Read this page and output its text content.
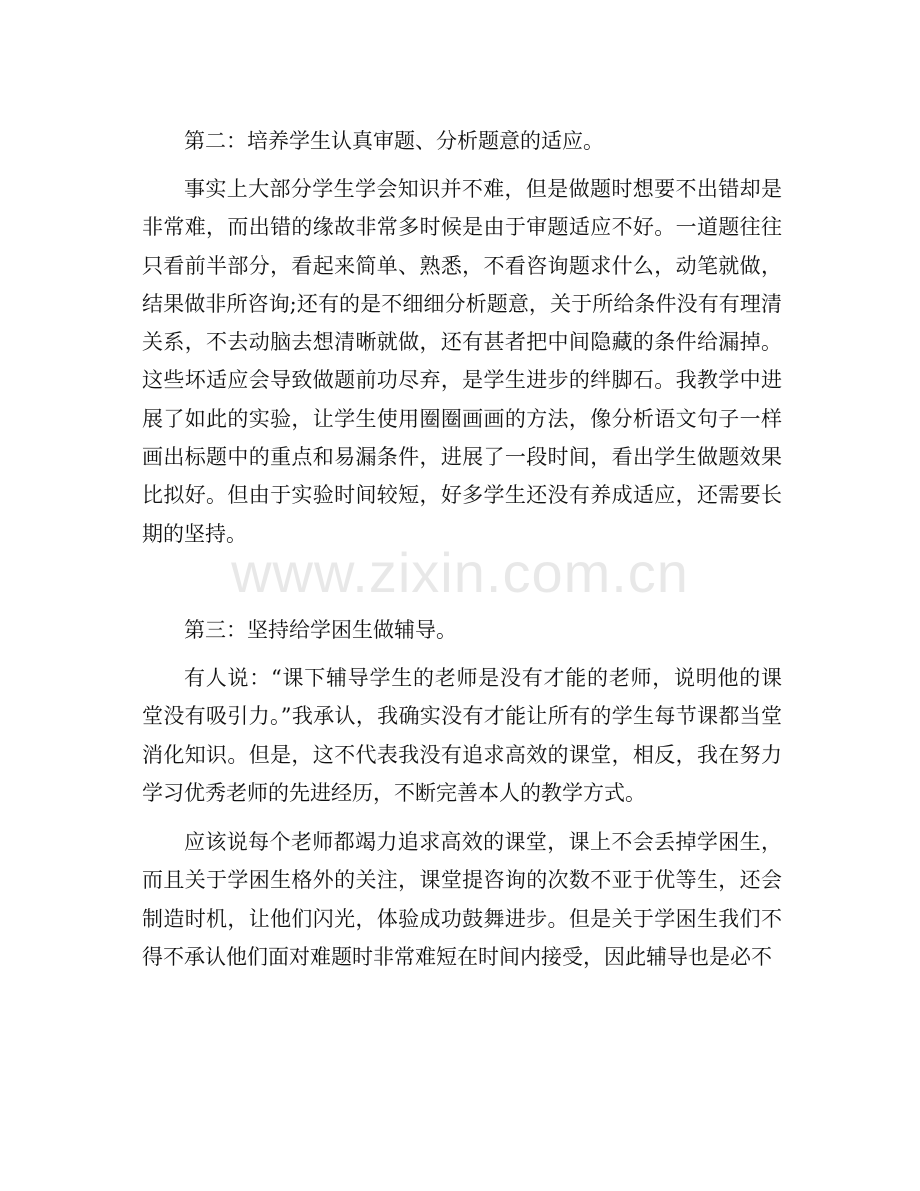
www.zixin.com.cn

第二：培养学生认真审题、分析题意的适应。

事实上大部分学生学会知识并不难，但是做题时想要不出错却是非常难，而出错的缘故非常多时候是由于审题适应不好。一道题往往只看前半部分，看起来简单、熟悉，不看咨询题求什么，动笔就做，结果做非所咨询;还有的是不细细分析题意，关于所给条件没有有理清关系，不去动脑去想清晰就做，还有甚者把中间隐藏的条件给漏掉。这些坏适应会导致做题前功尽弃，是学生进步的绊脚石。我教学中进展了如此的实验，让学生使用圈圈画画的方法，像分析语文句子一样画出标题中的重点和易漏条件，进展了一段时间，看出学生做题效果比拟好。但由于实验时间较短，好多学生还没有养成适应，还需要长期的坚持。

第三：坚持给学困生做辅导。

有人说：“课下辅导学生的老师是没有才能的老师，说明他的课堂没有吸引力。”我承认，我确实没有才能让所有的学生每节课都当堂消化知识。但是，这不代表我没有追求高效的课堂，相反，我在努力学习优秀老师的先进经历，不断完善本人的教学方式。

应该说每个老师都竭力追求高效的课堂，课上不会丢掉学困生，而且关于学困生格外的关注，课堂提咨询的次数不亚于优等生，还会制造时机，让他们闪光，体验成功鼓舞进步。但是关于学困生我们不得不承认他们面对难题时非常难短在时间内接受，因此辅导也是必不
